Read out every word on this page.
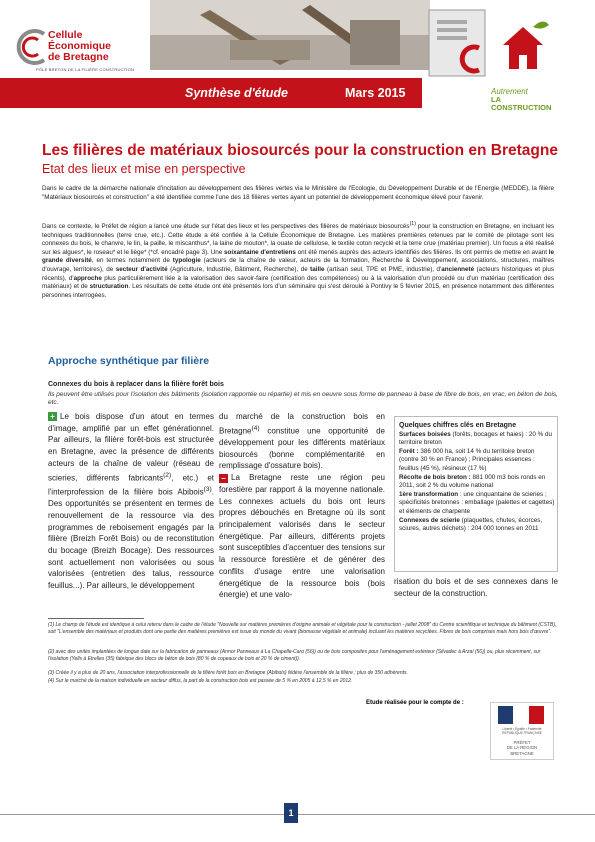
Cellule
Économique
de Bretagne
PÔLE BRETON DE LA FILIÈRE CONSTRUCTION
Synthèse d'étude	Mars 2015	Autrement
LA CONSTRUCTION
Les filières de matériaux biosourcés pour la construction en Bretagne
Etat des lieux et mise en perspective
Dans le cadre de la démarche nationale d'incitation au développement des filières vertes via le Ministère de l'Ecologie, du Développement Durable et de l'Energie (MEDDE), la filière "Matériaux biosourcés et construction" a été identifiée comme l'une des 18 filières vertes ayant un potentiel de développement économique élevé pour l'avenir.
Dans ce contexte, le Préfet de région a lancé une étude sur l'état des lieux et les perspectives des filières de matériaux biosourcés$^{(1)}$ pour la construction en Bretagne, en incluant les techniques traditionnelles (terre crue, etc.). Cette étude a été confiée à la Cellule Économique de Bretagne. Les matières premières retenues par le comité de pilotage sont les connexes du bois, le chanvre, le lin, la paille, le miscanthus*, la laine de mouton*, la ouate de cellulose, le textile coton recyclé et la terre crue (matériau premier). Un focus a été réalisé sur les algues*, le roseau* et le liège* (*cf. encadré page 3). Une soixantaine d'entretiens ont été menés auprès des acteurs identifiés des filières. Ils ont permis de mettre en avant le grande diversité, en termes notamment de typologie (acteurs de la chaîne de valeur, acteurs de la formation, Recherche & Développement, associations, structures, maîtres d'ouvrage, territoires), de secteur d'activité (Agriculture, Industrie, Bâtiment, Recherche), de taille (artisan seul, TPE et PME, industrie), d'ancienneté (acteurs historiques et plus récents), d'approche plus particulièrement liée à la valorisation des savoir-faire (certification des compétences) ou à la valorisation d'un procédé ou d'un matériau (certification des matériaux) et de structuration. Les résultats de cette étude ont été présentés lors d'un séminaire qui s'est déroulé à Pontivy le 5 février 2015, en présence notamment des différentes personnes interrogées.
Approche synthétique par filière
Connexes du bois à replacer dans la filière forêt bois
Ils peuvent être utilisés pour l'isolation des bâtiments (isolation rapportée ou répartie) et mis en oeuvre sous forme de panneau à base de fibre de bois, en vrac, en béton de bois, etc.
+ Le bois dispose d'un atout en termes d'image, amplifié par un effet générationnel. Par ailleurs, la filière forêt-bois est structurée en Bretagne, avec la présence de différents acteurs de la chaîne de valeur (réseau de scieries, différents fabricants$^{(2)}$, etc.) et l'interprofession de la filière bois Abibois$^{(3)}$. Des opportunités se présentent en termes de renouvellement de la ressource via des programmes de reboisement engagés par la filière (Breizh Forêt Bois) ou de reconstitution du bocage (Breizh Bocage). Des ressources sont actuellement non valorisées ou sous valorisées (entretien des talus, ressource feuillus...). Par ailleurs, le développement
du marché de la construction bois en Bretagne$^{(4)}$ constitue une opportunité de développement pour les différents matériaux biosourcés (bonne complémentarité en remplissage d'ossature bois).
− La Bretagne reste une région peu forestière par rapport à la moyenne nationale. Les connexes actuels du bois ont leurs propres débouchés en Bretagne où ils sont principalement valorisés dans le secteur énergétique. Par ailleurs, différents projets sont susceptibles d'accentuer des tensions sur la ressource forestière et de générer des conflits d'usage entre une valorisation énergétique de la ressource bois (bois énergie) et une valo-
Quelques chiffres clés en Bretagne
Surfaces boisées (forêts, bocages et haies) : 20 % du territoire breton
Forêt : 386 000 ha, soit 14 % du territoire breton (contre 30 % en France) ; Principales essences : feuillus (45 %), résineux (17 %)
Récolte de bois breton : 881 000 m3 bois ronds en 2011, soit 2 % du volume national
1ère transformation : une cinquantaine de scieries ; spécificités bretonnes : emballage (palettes et cagettes) et éléments de charpente
Connexes de scierie (plaquettes, chutes, écorces, sciures, autres déchets) : 204 000 tonnes en 2011
risation du bois et de ses connexes dans le secteur de la construction.
(1) Le champ de l'étude est identique à celui retenu dans le cadre de l'étude "Nouvelle sur matières premières d'origine animale et végétale pour la construction - juillet 2008" du Centre scientifique et technique du bâtiment (CSTB), soit "L'ensemble des matériaux et produits dont une partie des matières premières est issue du monde du vivant (biomasse végétale et animale) incluant les matières recyclées. Fibres de bois comprises mais hors bois d'œuvre".
(2) avec des unités implantées de longue date sur la fabrication de panneaux (Armor Panneaux à La Chapelle-Caro (56)) ou de bois composites pour l'aménagement extérieur (Silvadec à Arzal (56)) ou, plus récemment, sur l'isolation (Yells à Etrelles (35) fabrique des blocs de béton de bois (80 % de copeaux de bois et 20 % de ciment)).
(3) Créée il y a plus de 20 ans, l'association interprofessionnelle de la filière forêt bois en Bretagne (Abibois) fédère l'ensemble de la filière ; plus de 350 adhérents.
(4) Sur le marché de la maison individuelle en secteur diffus, la part de la construction bois est passée de 5 % en 2005 à 12,5 % en 2012.
Etude réalisée pour le compte de :
Liberté • Égalité • Fraternité
RÉPUBLIQUE FRANÇAISE
PRÉFET
DE LA RÉGION
BRETAGNE
1
